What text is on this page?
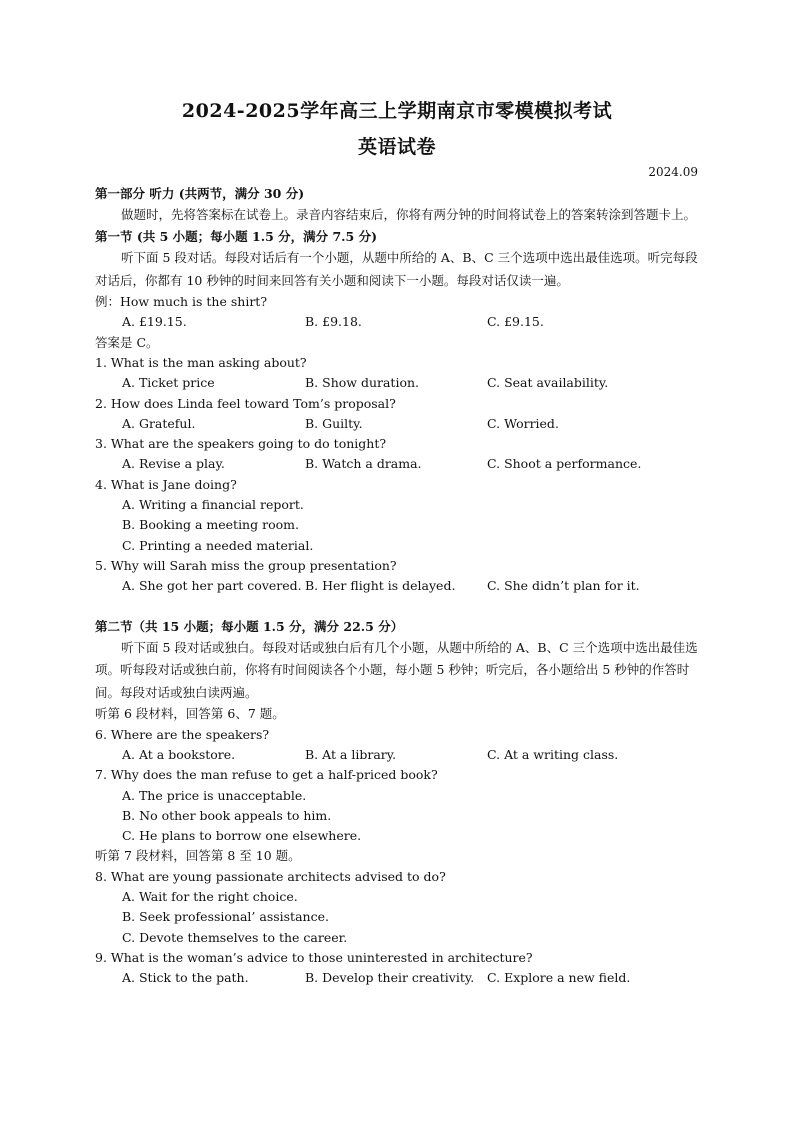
2024-2025学年高三上学期南京市零模模拟考试
英语试卷
2024.09
第一部分 听力 (共两节，满分 30 分)
做题时，先将答案标在试卷上。录音内容结束后，你将有两分钟的时间将试卷上的答案转涂到答题卡上。
第一节 (共 5 小题；每小题 1.5 分，满分 7.5 分)
听下面 5 段对话。每段对话后有一个小题，从题中所给的 A、B、C 三个选项中选出最佳选项。听完每段对话后，你都有 10 秒钟的时间来回答有关小题和阅读下一小题。每段对话仅读一遍。
例：How much is the shirt?
A. £19.15.	B. £9.18.	C. £9.15.
答案是 C。
1. What is the man asking about?
A. Ticket price	B. Show duration.	C. Seat availability.
2. How does Linda feel toward Tom’s proposal?
A. Grateful.	B. Guilty.	C. Worried.
3. What are the speakers going to do tonight?
A. Revise a play.	B. Watch a drama.	C. Shoot a performance.
4. What is Jane doing?
A. Writing a financial report.
B. Booking a meeting room.
C. Printing a needed material.
5. Why will Sarah miss the group presentation?
A. She got her part covered. B. Her flight is delayed.	C. She didn’t plan for it.
第二节（共 15 小题；每小题 1.5 分，满分 22.5 分）
听下面 5 段对话或独白。每段对话或独白后有几个小题，从题中所给的 A、B、C 三个选项中选出最佳选项。听每段对话或独白前，你将有时间阅读各个小题，每小题 5 秒钟；听完后，各小题给出 5 秒钟的作答时间。每段对话或独白读两遍。
听第 6 段材料，回答第 6、7 题。
6. Where are the speakers?
A. At a bookstore.	B. At a library.	C. At a writing class.
7. Why does the man refuse to get a half-priced book?
A. The price is unacceptable.
B. No other book appeals to him.
C. He plans to borrow one elsewhere.
听第 7 段材料，回答第 8 至 10 题。
8. What are young passionate architects advised to do?
A. Wait for the right choice.
B. Seek professional’ assistance.
C. Devote themselves to the career.
9. What is the woman’s advice to those uninterested in architecture?
A. Stick to the path.	B. Develop their creativity.	C. Explore a new field.
